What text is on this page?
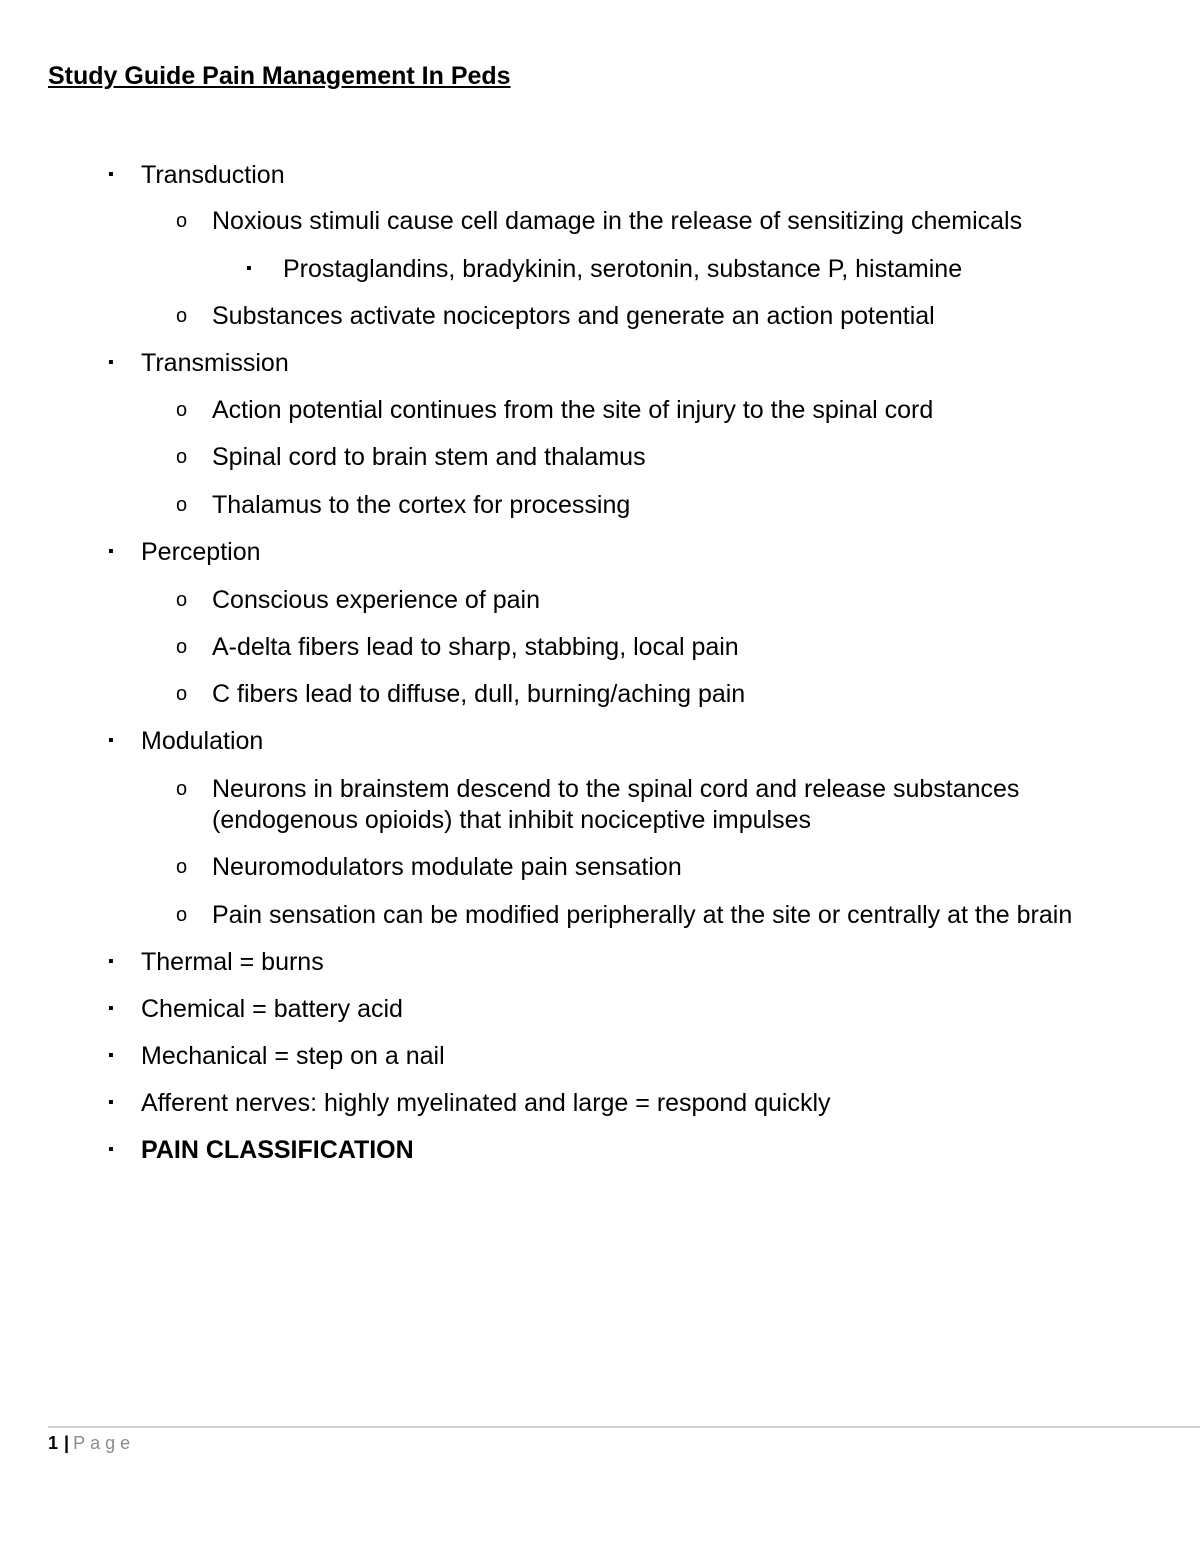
Study Guide Pain Management In Peds
▪ Transduction
o Noxious stimuli cause cell damage in the release of sensitizing chemicals
▪ Prostaglandins, bradykinin, serotonin, substance P, histamine
o Substances activate nociceptors and generate an action potential
▪ Transmission
o Action potential continues from the site of injury to the spinal cord
o Spinal cord to brain stem and thalamus
o Thalamus to the cortex for processing
▪ Perception
o Conscious experience of pain
o A-delta fibers lead to sharp, stabbing, local pain
o C fibers lead to diffuse, dull, burning/aching pain
▪ Modulation
o Neurons in brainstem descend to the spinal cord and release substances (endogenous opioids) that inhibit nociceptive impulses
o Neuromodulators modulate pain sensation
o Pain sensation can be modified peripherally at the site or centrally at the brain
▪ Thermal = burns
▪ Chemical = battery acid
▪ Mechanical = step on a nail
▪ Afferent nerves: highly myelinated and large = respond quickly
▪ PAIN CLASSIFICATION
1 | Page
